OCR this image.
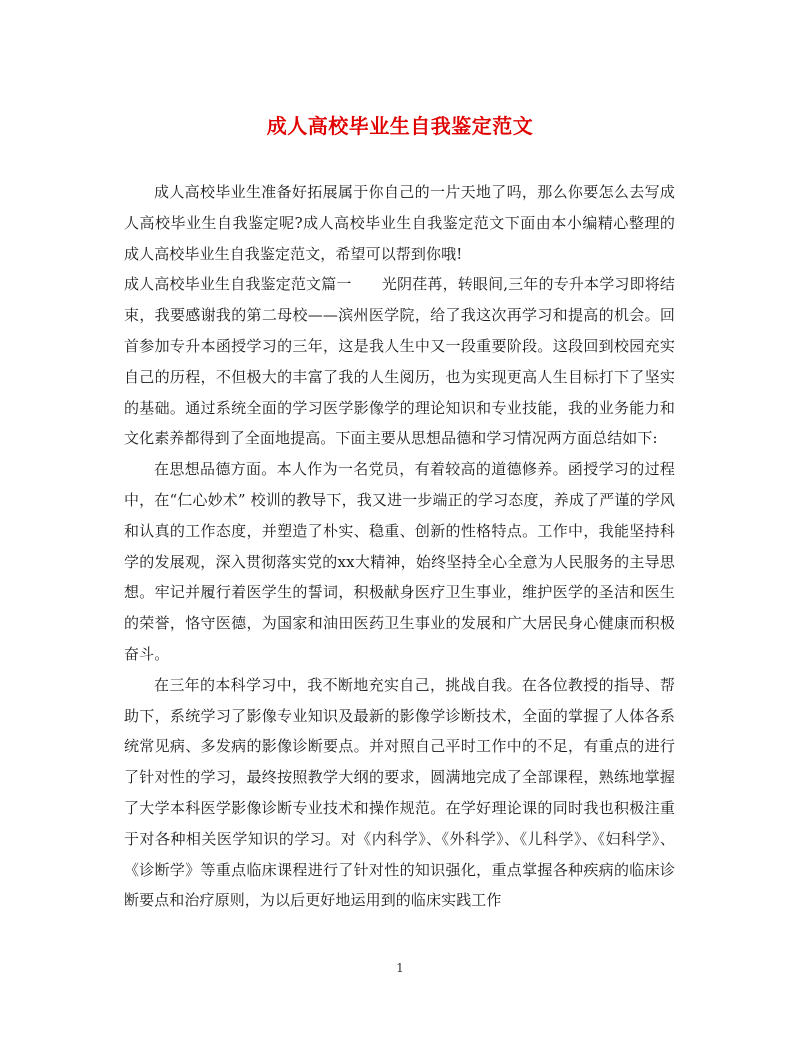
成人高校毕业生自我鉴定范文

成人高校毕业生准备好拓展属于你自己的一片天地了吗，那么你要怎么去写成人高校毕业生自我鉴定呢?成人高校毕业生自我鉴定范文下面由本小编精心整理的成人高校毕业生自我鉴定范文，希望可以帮到你哦!

成人高校毕业生自我鉴定范文篇一　　光阴荏苒，转眼间,三年的专升本学习即将结束，我要感谢我的第二母校——滨州医学院，给了我这次再学习和提高的机会。回首参加专升本函授学习的三年，这是我人生中又一段重要阶段。这段回到校园充实自己的历程，不但极大的丰富了我的人生阅历，也为实现更高人生目标打下了坚实的基础。通过系统全面的学习医学影像学的理论知识和专业技能，我的业务能力和文化素养都得到了全面地提高。下面主要从思想品德和学习情况两方面总结如下:

在思想品德方面。本人作为一名党员，有着较高的道德修养。函授学习的过程中，在“仁心妙术” 校训的教导下，我又进一步端正的学习态度，养成了严谨的学风和认真的工作态度，并塑造了朴实、稳重、创新的性格特点。工作中，我能坚持科学的发展观，深入贯彻落实党的xx大精神，始终坚持全心全意为人民服务的主导思想。牢记并履行着医学生的誓词，积极献身医疗卫生事业，维护医学的圣洁和医生的荣誉，恪守医德，为国家和油田医药卫生事业的发展和广大居民身心健康而积极奋斗。

在三年的本科学习中，我不断地充实自己，挑战自我。在各位教授的指导、帮助下，系统学习了影像专业知识及最新的影像学诊断技术，全面的掌握了人体各系统常见病、多发病的影像诊断要点。并对照自己平时工作中的不足，有重点的进行了针对性的学习，最终按照教学大纲的要求，圆满地完成了全部课程，熟练地掌握了大学本科医学影像诊断专业技术和操作规范。在学好理论课的同时我也积极注重于对各种相关医学知识的学习。对《内科学》、《外科学》、《儿科学》、《妇科学》、《诊断学》等重点临床课程进行了针对性的知识强化，重点掌握各种疾病的临床诊断要点和治疗原则，为以后更好地运用到的临床实践工作

1
